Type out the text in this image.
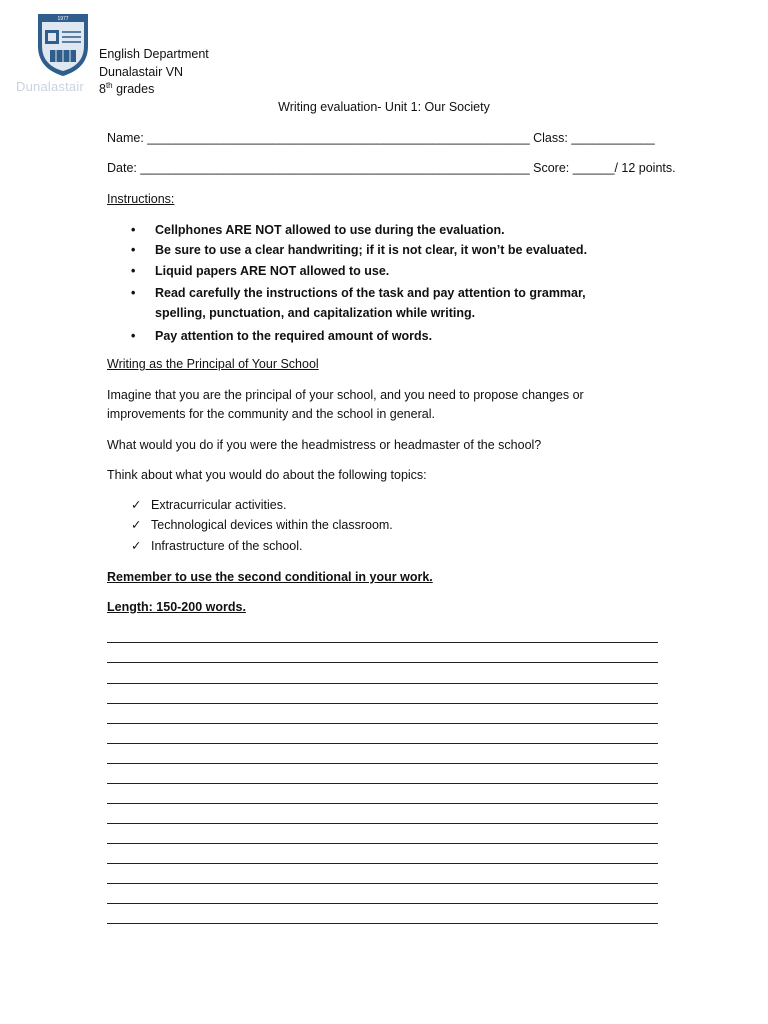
1977
Dunalastair
English Department
Dunalastair VN
8th grades
Writing evaluation- Unit 1: Our Society
Name: _______________________________________________________ Class: ____________
Date: ________________________________________________________ Score: ______/ 12 points.
Instructions:
• Cellphones ARE NOT allowed to use during the evaluation.
• Be sure to use a clear handwriting; if it is not clear, it won’t be evaluated.
• Liquid papers ARE NOT allowed to use.
• Read carefully the instructions of the task and pay attention to grammar, spelling, punctuation, and capitalization while writing.
• Pay attention to the required amount of words.
Writing as the Principal of Your School
Imagine that you are the principal of your school, and you need to propose changes or improvements for the community and the school in general.
What would you do if you were the headmistress or headmaster of the school?
Think about what you would do about the following topics:
✓ Extracurricular activities.
✓ Technological devices within the classroom.
✓ Infrastructure of the school.
Remember to use the second conditional in your work.
Length: 150-200 words.
